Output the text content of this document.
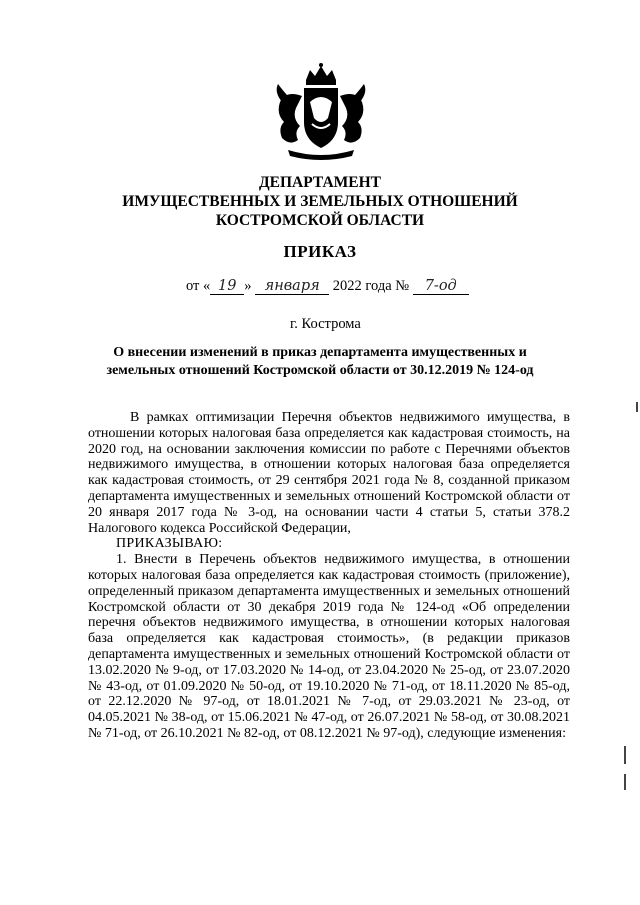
ДЕПАРТАМЕНТ
ИМУЩЕСТВЕННЫХ И ЗЕМЕЛЬНЫХ ОТНОШЕНИЙ
КОСТРОМСКОЙ ОБЛАСТИ
ПРИКАЗ
от « 19 » января 2022 года № 7-од
г. Кострома
О внесении изменений в приказ департамента имущественных и
земельных отношений Костромской области от 30.12.2019 № 124-од

В рамках оптимизации Перечня объектов недвижимого имущества, в отношении которых налоговая база определяется как кадастровая стоимость, на 2020 год, на основании заключения комиссии по работе с Перечнями объектов недвижимого имущества, в отношении которых налоговая база определяется как кадастровая стоимость, от 29 сентября 2021 года № 8, созданной приказом департамента имущественных и земельных отношений Костромской области от 20 января 2017 года № 3-од, на основании части 4 статьи 5, статьи 378.2 Налогового кодекса Российской Федерации,

ПРИКАЗЫВАЮ:

1. Внести в Перечень объектов недвижимого имущества, в отношении которых налоговая база определяется как кадастровая стоимость (приложение), определенный приказом департамента имущественных и земельных отношений Костромской области от 30 декабря 2019 года № 124-од «Об определении перечня объектов недвижимого имущества, в отношении которых налоговая база определяется как кадастровая стоимость», (в редакции приказов департамента имущественных и земельных отношений Костромской области от 13.02.2020 № 9-од, от 17.03.2020 № 14-од, от 23.04.2020 № 25-од, от 23.07.2020 № 43-од, от 01.09.2020 № 50-од, от 19.10.2020 № 71-од, от 18.11.2020 № 85-од, от 22.12.2020 № 97-од, от 18.01.2021 № 7-од, от 29.03.2021 № 23-од, от 04.05.2021 № 38-од, от 15.06.2021 № 47-од, от 26.07.2021 № 58-од, от 30.08.2021 № 71-од, от 26.10.2021 № 82-од, от 08.12.2021 № 97-од), следующие изменения:
